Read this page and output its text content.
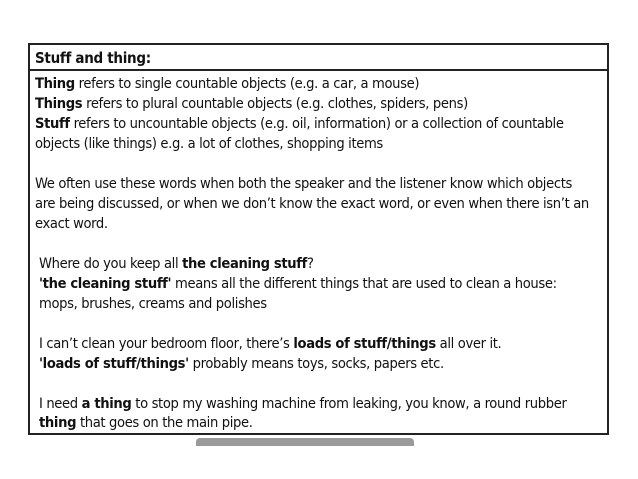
Stuff and thing:
Thing refers to single countable objects (e.g. a car, a mouse)
Things refers to plural countable objects (e.g. clothes, spiders, pens)
Stuff refers to uncountable objects (e.g. oil, information) or a collection of countable
objects (like things) e.g. a lot of clothes, shopping items
We often use these words when both the speaker and the listener know which objects
are being discussed, or when we don’t know the exact word, or even when there isn’t an
exact word.
Where do you keep all the cleaning stuff?
'the cleaning stuff' means all the different things that are used to clean a house:
mops, brushes, creams and polishes
I can’t clean your bedroom floor, there’s loads of stuff/things all over it.
'loads of stuff/things' probably means toys, socks, papers etc.
I need a thing to stop my washing machine from leaking, you know, a round rubber
thing that goes on the main pipe.
